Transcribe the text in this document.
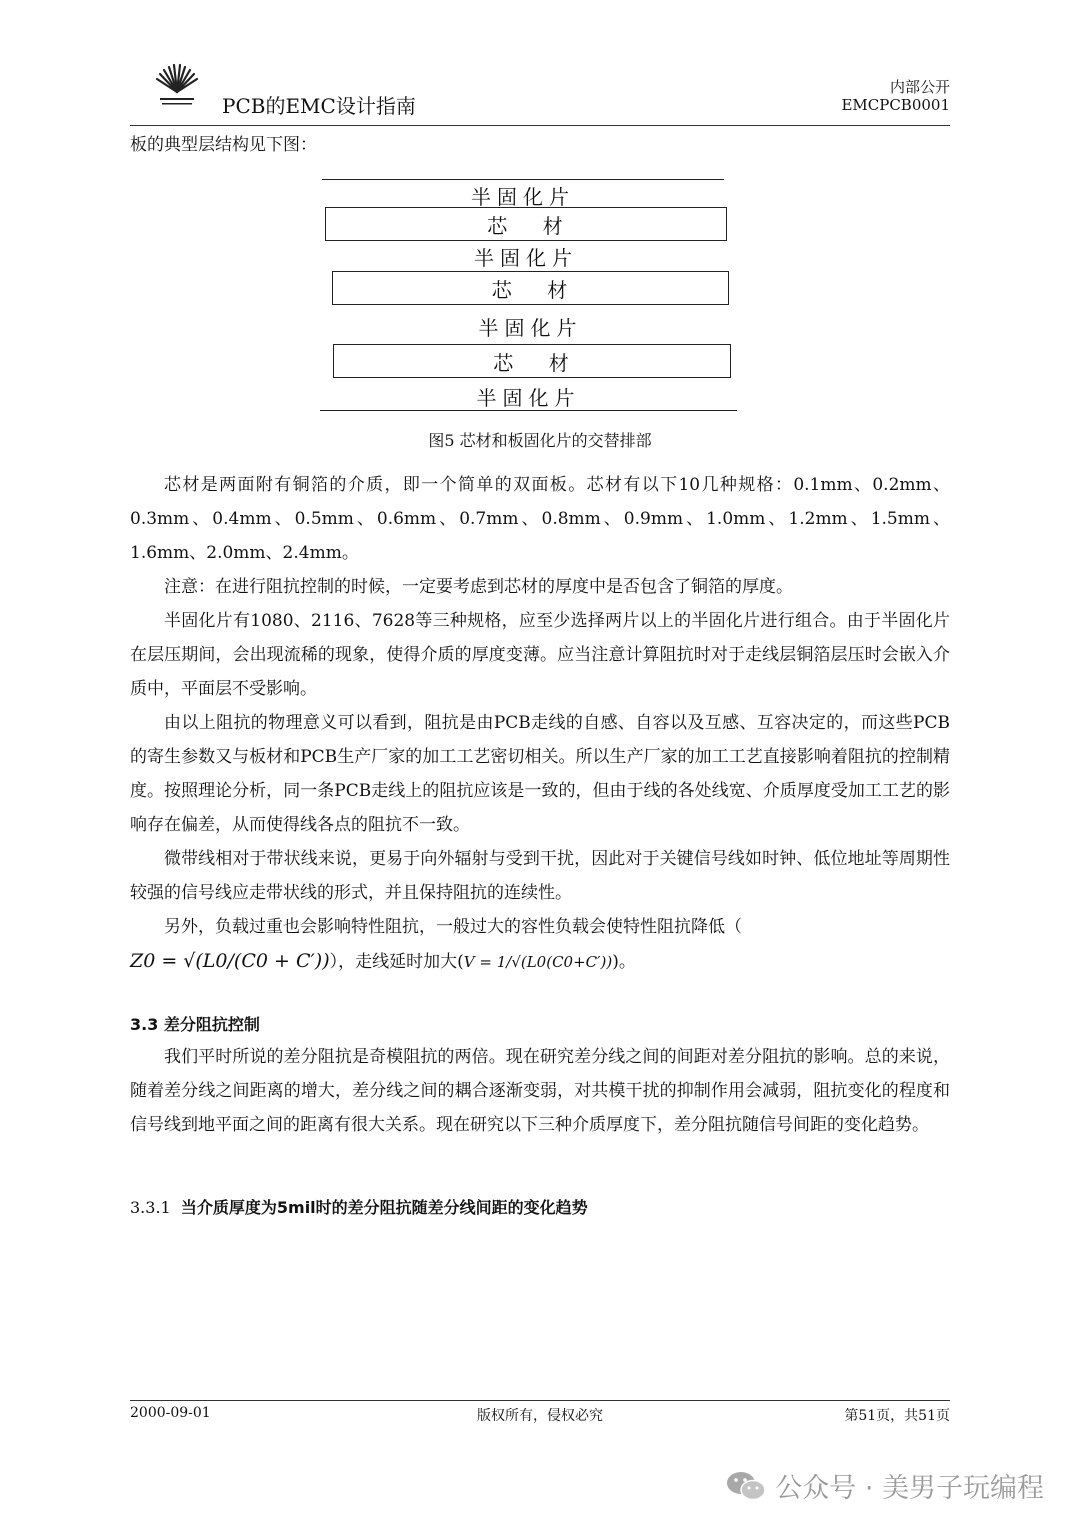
PCB的EMC设计指南
内部公开
EMCPCB0001
板的典型层结构见下图：
半固化片
芯    材
半固化片
芯    材
半固化片
芯    材
半固化片
图5 芯材和板固化片的交替排部

芯材是两面附有铜箔的介质，即一个简单的双面板。芯材有以下10几种规格：0.1mm、0.2mm、0.3mm、0.4mm、0.5mm、0.6mm、0.7mm、0.8mm、0.9mm、1.0mm、1.2mm、1.5mm、1.6mm、2.0mm、2.4mm。

注意：在进行阻抗控制的时候，一定要考虑到芯材的厚度中是否包含了铜箔的厚度。

半固化片有1080、2116、7628等三种规格，应至少选择两片以上的半固化片进行组合。由于半固化片在层压期间，会出现流稀的现象，使得介质的厚度变薄。应当注意计算阻抗时对于走线层铜箔层压时会嵌入介质中，平面层不受影响。

由以上阻抗的物理意义可以看到，阻抗是由PCB走线的自感、自容以及互感、互容决定的，而这些PCB的寄生参数又与板材和PCB生产厂家的加工工艺密切相关。所以生产厂家的加工工艺直接影响着阻抗的控制精度。按照理论分析，同一条PCB走线上的阻抗应该是一致的，但由于线的各处线宽、介质厚度受加工工艺的影响存在偏差，从而使得线各点的阻抗不一致。

微带线相对于带状线来说，更易于向外辐射与受到干扰，因此对于关键信号线如时钟、低位地址等周期性较强的信号线应走带状线的形式，并且保持阻抗的连续性。

另外，负载过重也会影响特性阻抗，一般过大的容性负载会使特性阻抗降低（

Z0 = √(L0/(C0 + C′))），走线延时加大(V = 1/√(L0(C0+C′)))。

3.3 差分阻抗控制

我们平时所说的差分阻抗是奇模阻抗的两倍。现在研究差分线之间的间距对差分阻抗的影响。总的来说，随着差分线之间距离的增大，差分线之间的耦合逐渐变弱，对共模干扰的抑制作用会减弱，阻抗变化的程度和信号线到地平面之间的距离有很大关系。现在研究以下三种介质厚度下，差分阻抗随信号间距的变化趋势。

3.3.1 当介质厚度为5mil时的差分阻抗随差分线间距的变化趋势
2000-09-01	版权所有，侵权必究	第51页，共51页
公众号 · 美男子玩编程
